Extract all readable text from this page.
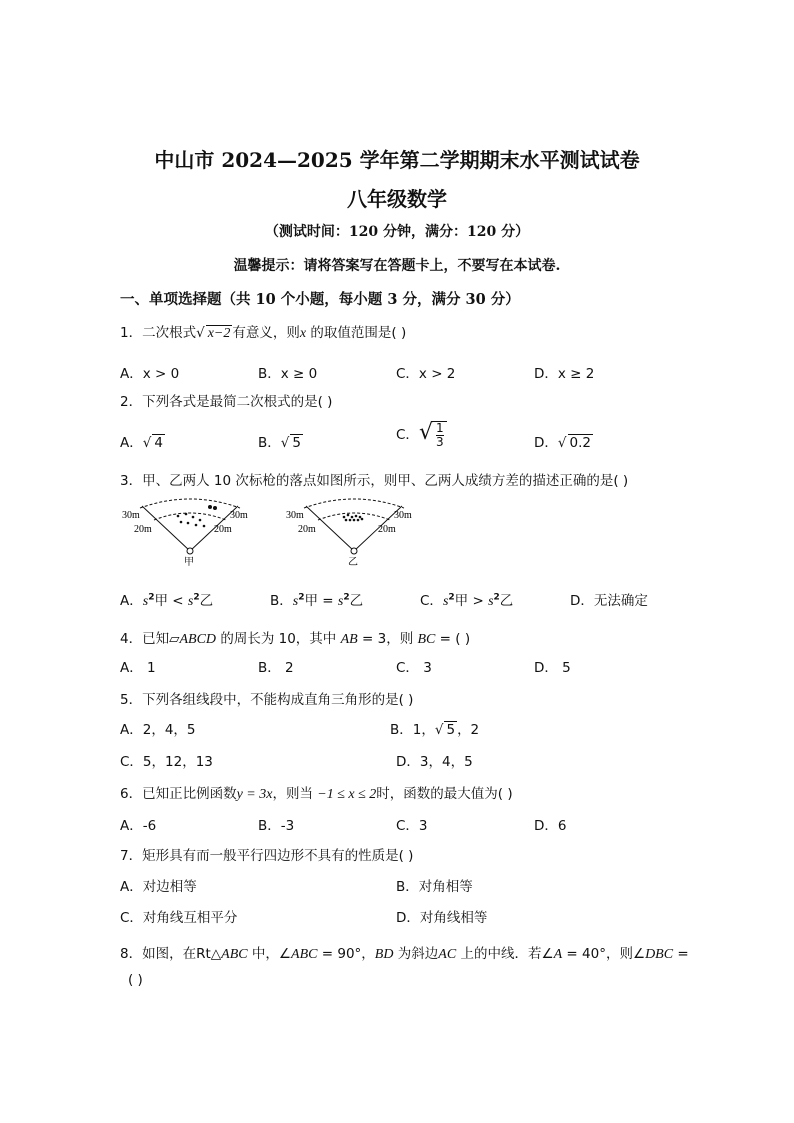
中山市 2024—2025 学年第二学期期末水平测试试卷
八年级数学
（测试时间：120 分钟，满分：120 分）
温馨提示：请将答案写在答题卡上，不要写在本试卷.
一、单项选择题（共 10 个小题，每小题 3 分，满分 30 分）
1．二次根式√ x−2 有意义，则x 的取值范围是( )
A．x > 0	B．x ≥ 0	C．x > 2	D．x ≥ 2
2．下列各式是最简二次根式的是( )
A．√ 4	B．√ 5	C．√ $\frac{1}{3}$	D．√ 0.2
3．甲、乙两人 10 次标枪的落点如图所示，则甲、乙两人成绩方差的描述正确的是( )
30m
20m
30m
20m
甲
30m
20m
30m
20m
乙
A．$s^2$甲 < $s^2$乙	B．$s^2$甲 = $s^2$乙	C．$s^2$甲 > $s^2$乙	D．无法确定
4．已知▱ABCD 的周长为 10，其中 AB = 3，则 BC = ( )
A． 1	B． 2	C． 3	D． 5
5．下列各组线段中，不能构成直角三角形的是( )
A．2，4，5	B．1，√ 5 ，2
C．5，12，13	D．3，4，5
6．已知正比例函数y = 3x，则当 −1 ≤ x ≤ 2时，函数的最大值为( )
A．-6	B．-3	C．3	D．6
7．矩形具有而一般平行四边形不具有的性质是( )
A．对边相等	B．对角相等
C．对角线互相平分	D．对角线相等
8．如图，在Rt△ABC 中，∠ABC = 90°，BD 为斜边AC 上的中线．若∠A = 40°，则∠DBC =
( )
